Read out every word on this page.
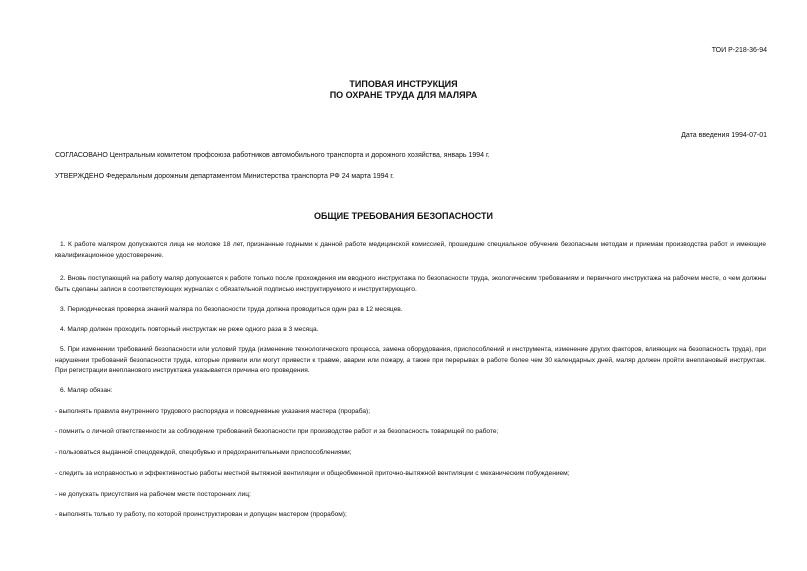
ТОИ Р-218-36-94
ТИПОВАЯ ИНСТРУКЦИЯ
ПО ОХРАНЕ ТРУДА ДЛЯ МАЛЯРА
Дата введения 1994-07-01
СОГЛАСОВАНО Центральным комитетом профсоюза работников автомобильного транспорта и дорожного хозяйства, январь 1994 г.
УТВЕРЖДЕНО Федеральным дорожным департаментом Министерства транспорта РФ 24 марта 1994 г.
ОБЩИЕ ТРЕБОВАНИЯ БЕЗОПАСНОСТИ
1. К работе маляром допускаются лица не моложе 18 лет, признанные годными к данной работе медицинской комиссией, прошедшие специальное обучение безопасным методам и приемам производства работ и имеющие квалификационное удостоверение.
2. Вновь поступающий на работу маляр допускается к работе только после прохождения им вводного инструктажа по безопасности труда, экологическим требованиям и первичного инструктажа на рабочем месте, о чем должны быть сделаны записи в соответствующих журналах с обязательной подписью инструктируемого и инструктирующего.
3. Периодическая проверка знаний маляра по безопасности труда должна проводиться один раз в 12 месяцев.
4. Маляр должен проходить повторный инструктаж не реже одного раза в 3 месяца.
5. При изменении требований безопасности или условий труда (изменение технологического процесса, замена оборудования, приспособлений и инструмента, изменение других факторов, влияющих на безопасность труда), при нарушении требований безопасности труда, которые привели или могут привести к травме, аварии или пожару, а также при перерывах в работе более чем 30 календарных дней, маляр должен пройти внеплановый инструктаж. При регистрации внепланового инструктажа указывается причина его проведения.
6. Маляр обязан:
- выполнять правила внутреннего трудового распорядка и повседневные указания мастера (прораба);
- помнить о личной ответственности за соблюдение требований безопасности при производстве работ и за безопасность товарищей по работе;
- пользоваться выданной спецодеждой, спецобувью и предохранительными приспособлениями;
- следить за исправностью и эффективностью работы местной вытяжной вентиляции и общеобменной приточно-вытяжной вентиляции с механическим побуждением;
- не допускать присутствия на рабочем месте посторонних лиц;
- выполнять только ту работу, по которой проинструктирован и допущен мастером (прорабом);
